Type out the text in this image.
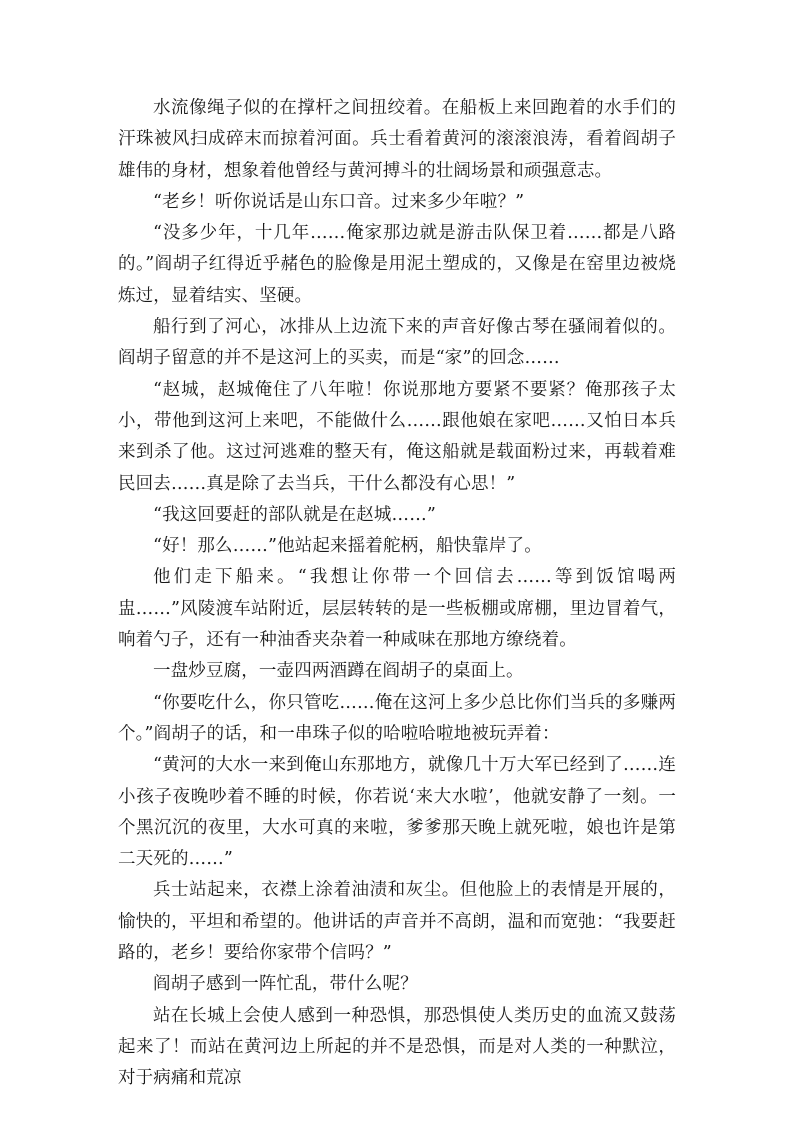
水流像绳子似的在撑杆之间扭绞着。在船板上来回跑着的水手们的汗珠被风扫成碎末而掠着河面。兵士看着黄河的滚滚浪涛，看着阎胡子雄伟的身材，想象着他曾经与黄河搏斗的壮阔场景和顽强意志。

“老乡！听你说话是山东口音。过来多少年啦？”

“没多少年，十几年……俺家那边就是游击队保卫着……都是八路的。”阎胡子红得近乎赭色的脸像是用泥土塑成的，又像是在窑里边被烧炼过，显着结实、坚硬。

船行到了河心，冰排从上边流下来的声音好像古琴在骚闹着似的。阎胡子留意的并不是这河上的买卖，而是“家”的回念……

“赵城，赵城俺住了八年啦！你说那地方要紧不要紧？俺那孩子太小，带他到这河上来吧，不能做什么……跟他娘在家吧……又怕日本兵来到杀了他。这过河逃难的整天有，俺这船就是载面粉过来，再载着难民回去……真是除了去当兵，干什么都没有心思！”

“我这回要赶的部队就是在赵城……”

“好！那么……”他站起来摇着舵柄，船快靠岸了。

他们走下船来。“我想让你带一个回信去……等到饭馆喝两盅……”风陵渡车站附近，层层转转的是一些板棚或席棚，里边冒着气，响着勺子，还有一种油香夹杂着一种咸味在那地方缭绕着。

一盘炒豆腐，一壶四两酒蹲在阎胡子的桌面上。

“你要吃什么，你只管吃……俺在这河上多少总比你们当兵的多赚两个。”阎胡子的话，和一串珠子似的哈啦哈啦地被玩弄着：

“黄河的大水一来到俺山东那地方，就像几十万大军已经到了……连小孩子夜晚吵着不睡的时候，你若说‘来大水啦’，他就安静了一刻。一个黑沉沉的夜里，大水可真的来啦，爹爹那天晚上就死啦，娘也许是第二天死的……”

兵士站起来，衣襟上涂着油渍和灰尘。但他脸上的表情是开展的，愉快的，平坦和希望的。他讲话的声音并不高朗，温和而宽弛：“我要赶路的，老乡！要给你家带个信吗？”

阎胡子感到一阵忙乱，带什么呢？

站在长城上会使人感到一种恐惧，那恐惧使人类历史的血流又鼓荡起来了！而站在黄河边上所起的并不是恐惧，而是对人类的一种默泣，对于病痛和荒凉
